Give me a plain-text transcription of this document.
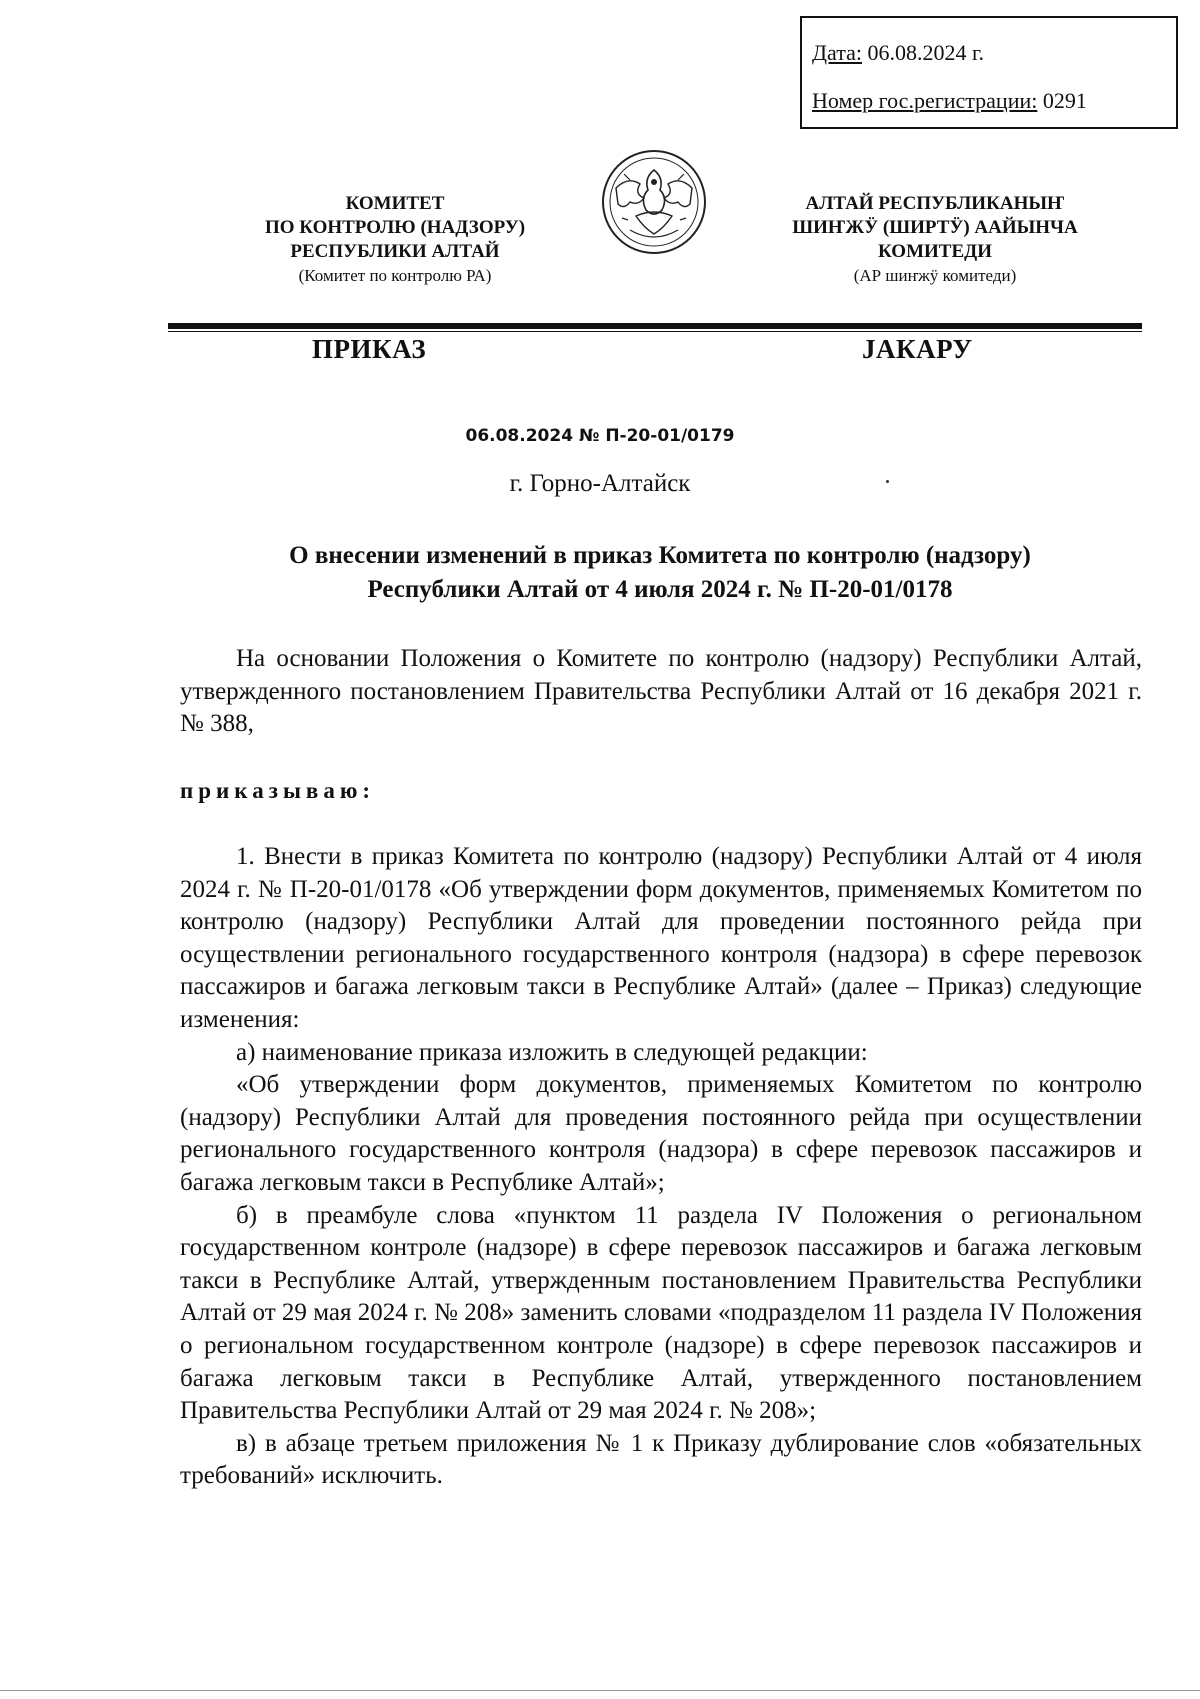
Дата: 06.08.2024 г.
Номер гос.регистрации: 0291
КОМИТЕТ
ПО КОНТРОЛЮ (НАДЗОРУ)
РЕСПУБЛИКИ АЛТАЙ
(Комитет по контролю РА)
АЛТАЙ РЕСПУБЛИКАНЫҤ
ШИҤЖӰ (ШИРТӰ) ААЙЫНЧА
КОМИТЕДИ
(АР шиҥжӱ комитеди)
ПРИКАЗ	JАКАРУ
06.08.2024 № П-20-01/0179
г. Горно-Алтайск
О внесении изменений в приказ Комитета по контролю (надзору)
Республики Алтай от 4 июля 2024 г. № П-20-01/0178

На основании Положения о Комитете по контролю (надзору) Республики Алтай, утвержденного постановлением Правительства Республики Алтай от 16 декабря 2021 г. № 388,

приказываю:

1. Внести в приказ Комитета по контролю (надзору) Республики Алтай от 4 июля 2024 г. № П-20-01/0178 «Об утверждении форм документов, применяемых Комитетом по контролю (надзору) Республики Алтай для проведении постоянного рейда при осуществлении регионального государственного контроля (надзора) в сфере перевозок пассажиров и багажа легковым такси в Республике Алтай» (далее – Приказ) следующие изменения:

а) наименование приказа изложить в следующей редакции:

«Об утверждении форм документов, применяемых Комитетом по контролю (надзору) Республики Алтай для проведения постоянного рейда при осуществлении регионального государственного контроля (надзора) в сфере перевозок пассажиров и багажа легковым такси в Республике Алтай»;

б) в преамбуле слова «пунктом 11 раздела IV Положения о региональном государственном контроле (надзоре) в сфере перевозок пассажиров и багажа легковым такси в Республике Алтай, утвержденным постановлением Правительства Республики Алтай от 29 мая 2024 г. № 208» заменить словами «подразделом 11 раздела IV Положения о региональном государственном контроле (надзоре) в сфере перевозок пассажиров и багажа легковым такси в Республике Алтай, утвержденного постановлением Правительства Республики Алтай от 29 мая 2024 г. № 208»;

в) в абзаце третьем приложения № 1 к Приказу дублирование слов «обязательных требований» исключить.
